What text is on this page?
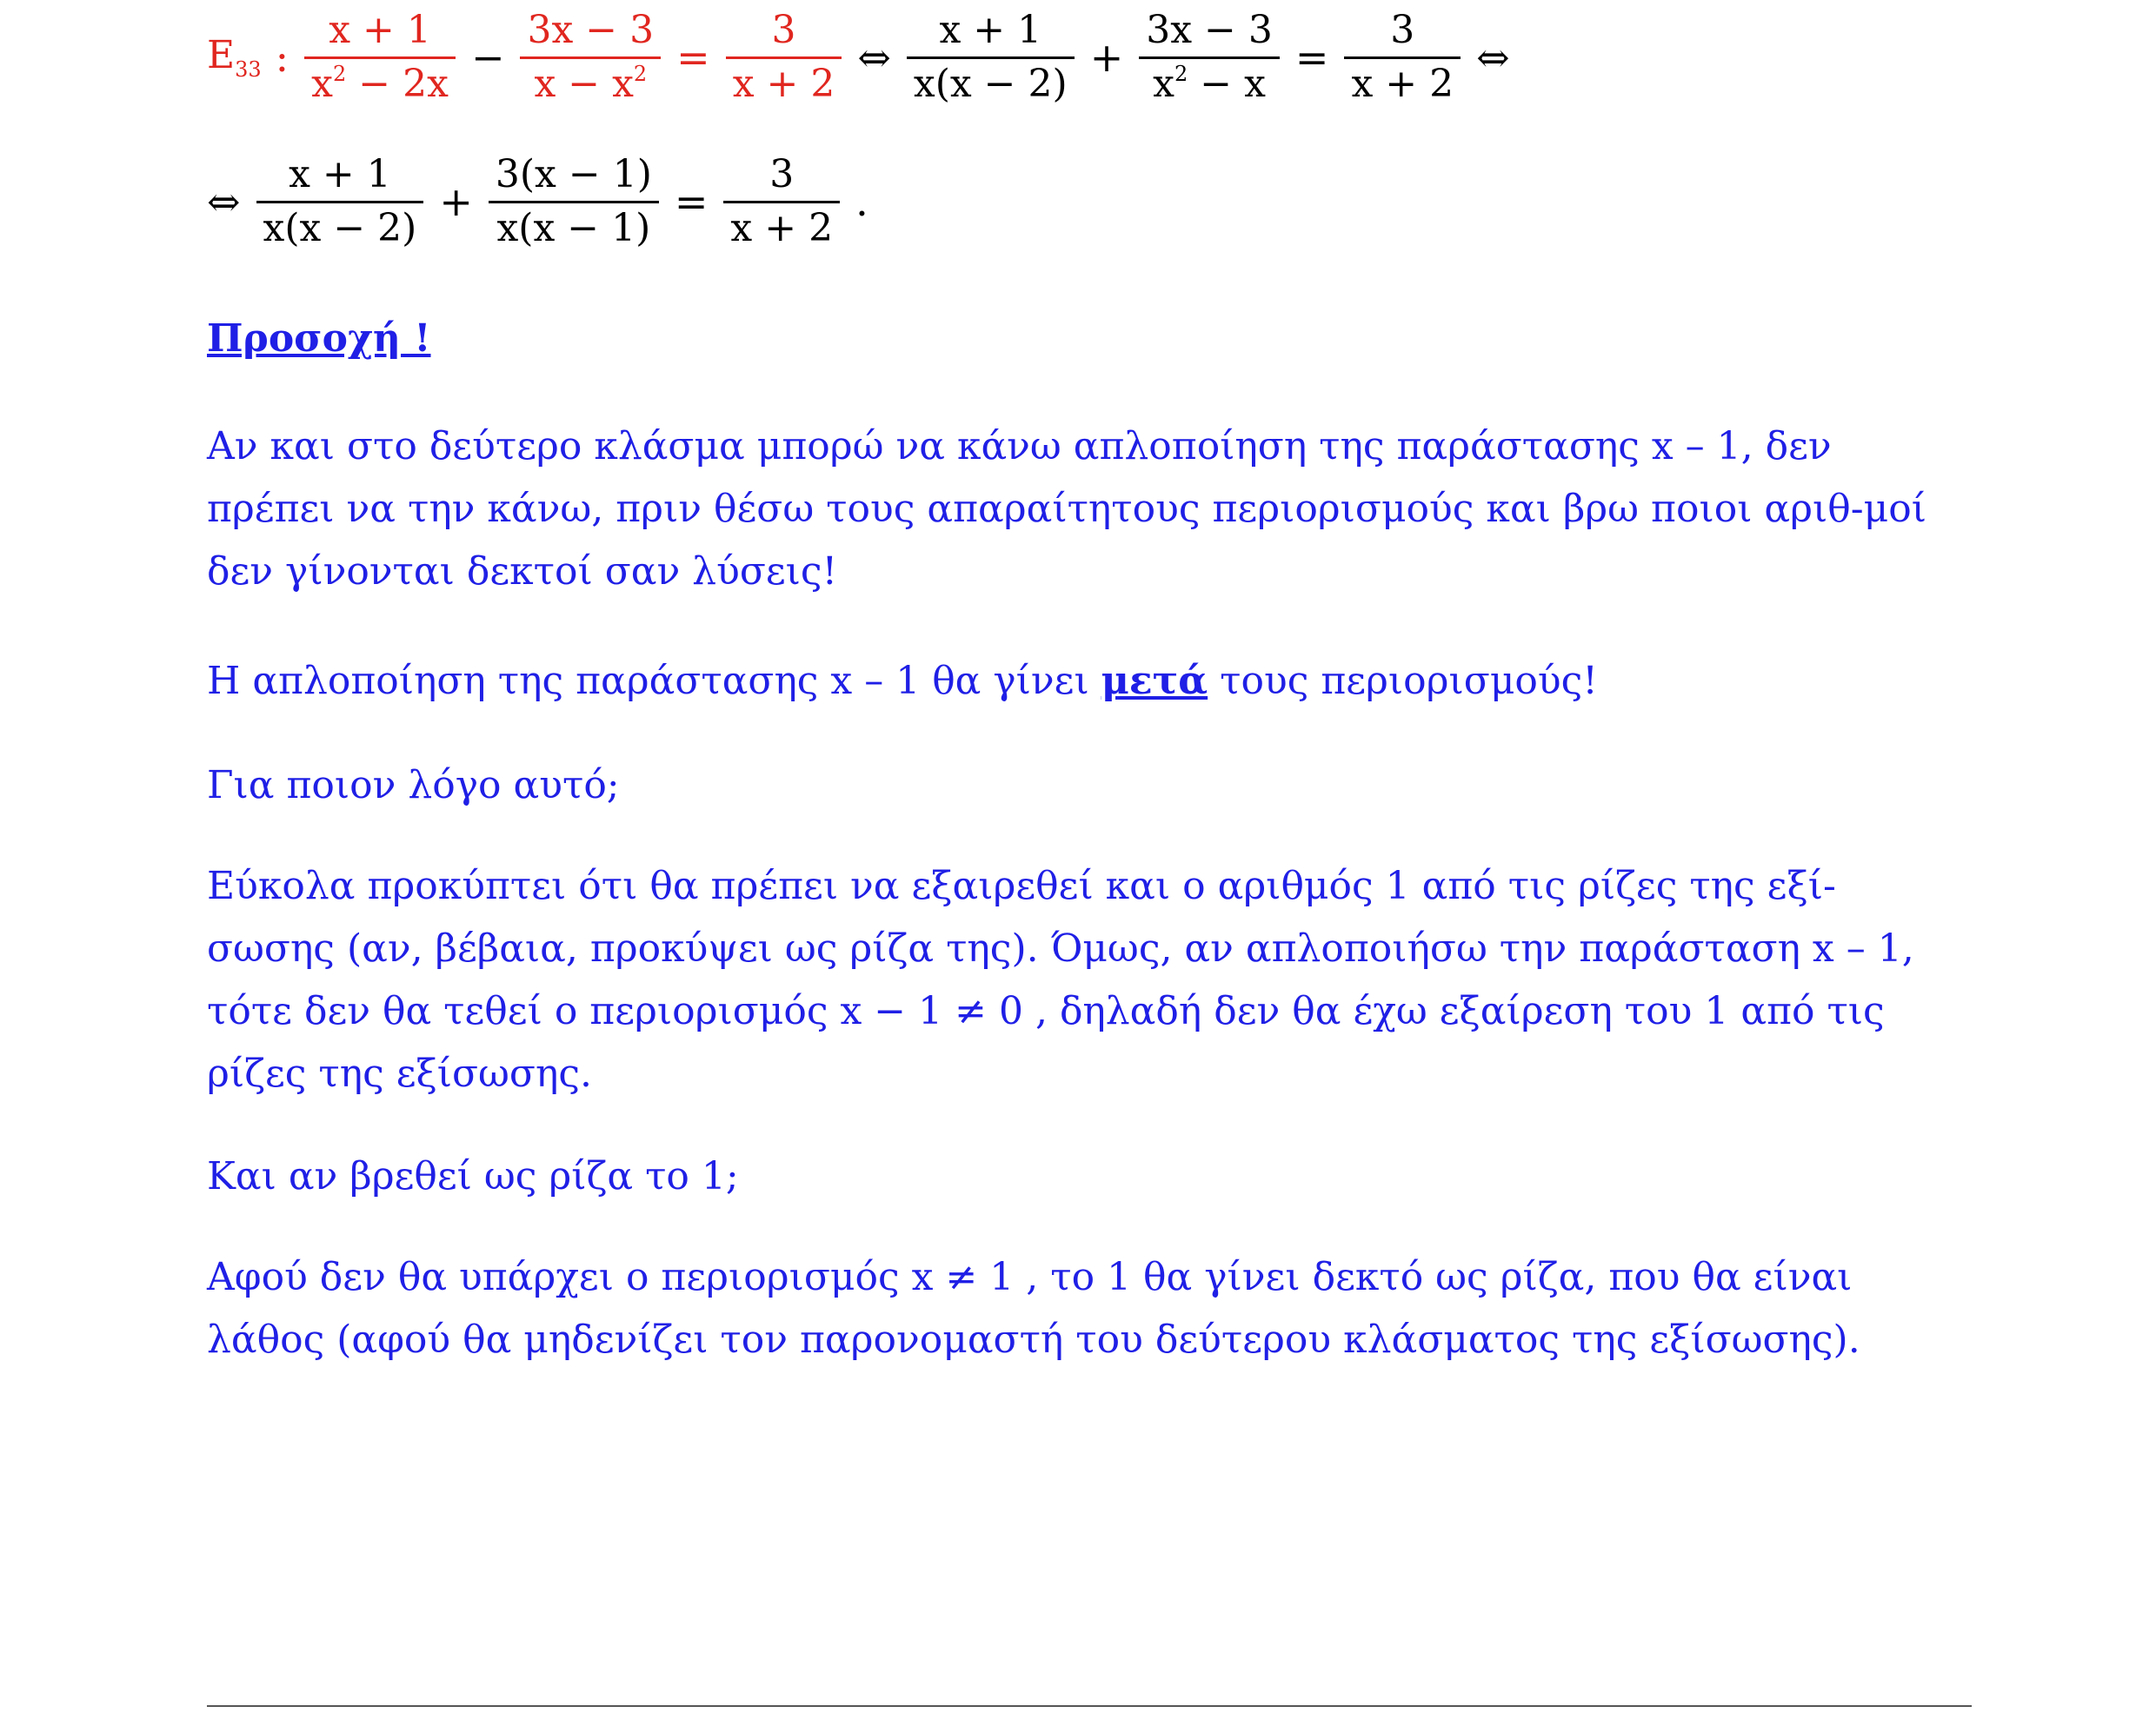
$E_{33}$ : $\frac{x + 1}{x^2 - 2x} - \frac{3x - 3}{x - x^2} = \frac{3}{x + 2}$ ⇔ $\frac{x + 1}{x(x - 2)} + \frac{3x - 3}{x^2 - x} = \frac{3}{x + 2}$ ⇔
⇔ $\frac{x + 1}{x(x - 2)} + \frac{3(x - 1)}{x(x - 1)} = \frac{3}{x + 2}$ .
Προσοχή !
Αν και στο δεύτερο κλάσμα μπορώ να κάνω απλοποίηση της παράστασης x – 1, δεν πρέπει να την κάνω, πριν θέσω τους απαραίτητους περιορισμούς και βρω ποιοι αριθ-μοί δεν γίνονται δεκτοί σαν λύσεις!
Η απλοποίηση της παράστασης x – 1 θα γίνει μετά τους περιορισμούς!
Για ποιον λόγο αυτό;
Εύκολα προκύπτει ότι θα πρέπει να εξαιρεθεί και ο αριθμός 1 από τις ρίζες της εξί-σωσης (αν, βέβαια, προκύψει ως ρίζα της). Όμως, αν απλοποιήσω την παράσταση x – 1, τότε δεν θα τεθεί ο περιορισμός x − 1 ≠ 0 , δηλαδή δεν θα έχω εξαίρεση του 1 από τις ρίζες της εξίσωσης.
Και αν βρεθεί ως ρίζα το 1;
Αφού δεν θα υπάρχει ο περιορισμός x ≠ 1 , το 1 θα γίνει δεκτό ως ρίζα, που θα είναι λάθος (αφού θα μηδενίζει τον παρονομαστή του δεύτερου κλάσματος της εξίσωσης).
